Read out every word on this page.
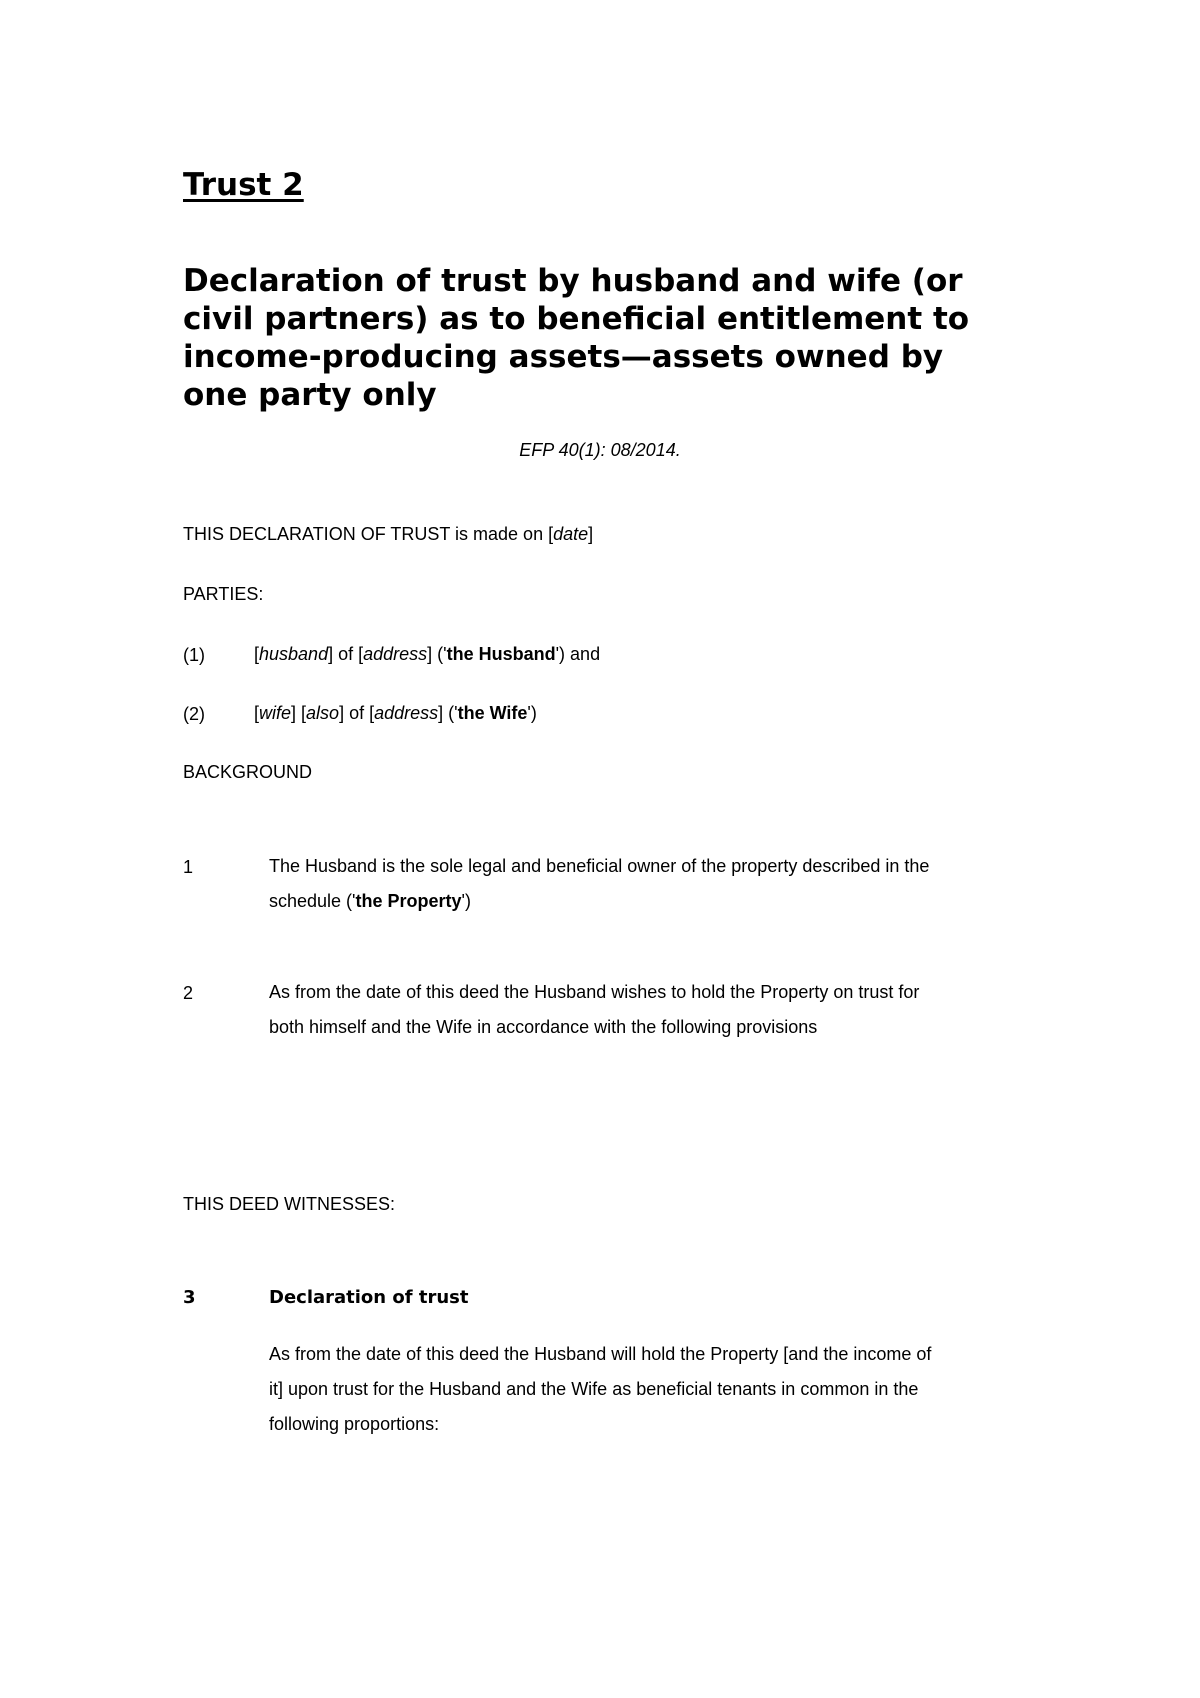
Trust 2
Declaration of trust by husband and wife (or
civil partners) as to beneficial entitlement to
income-producing assets—assets owned by
one party only
EFP 40(1): 08/2014.
THIS DECLARATION OF TRUST is made on [date]
PARTIES:
(1)	[husband] of [address] ('the Husband') and
(2)	[wife] [also] of [address] ('the Wife')
BACKGROUND
1	The Husband is the sole legal and beneficial owner of the property described in the
schedule ('the Property')
2	As from the date of this deed the Husband wishes to hold the Property on trust for
both himself and the Wife in accordance with the following provisions
THIS DEED WITNESSES:
3	Declaration of trust
As from the date of this deed the Husband will hold the Property [and the income of
it] upon trust for the Husband and the Wife as beneficial tenants in common in the
following proportions:
